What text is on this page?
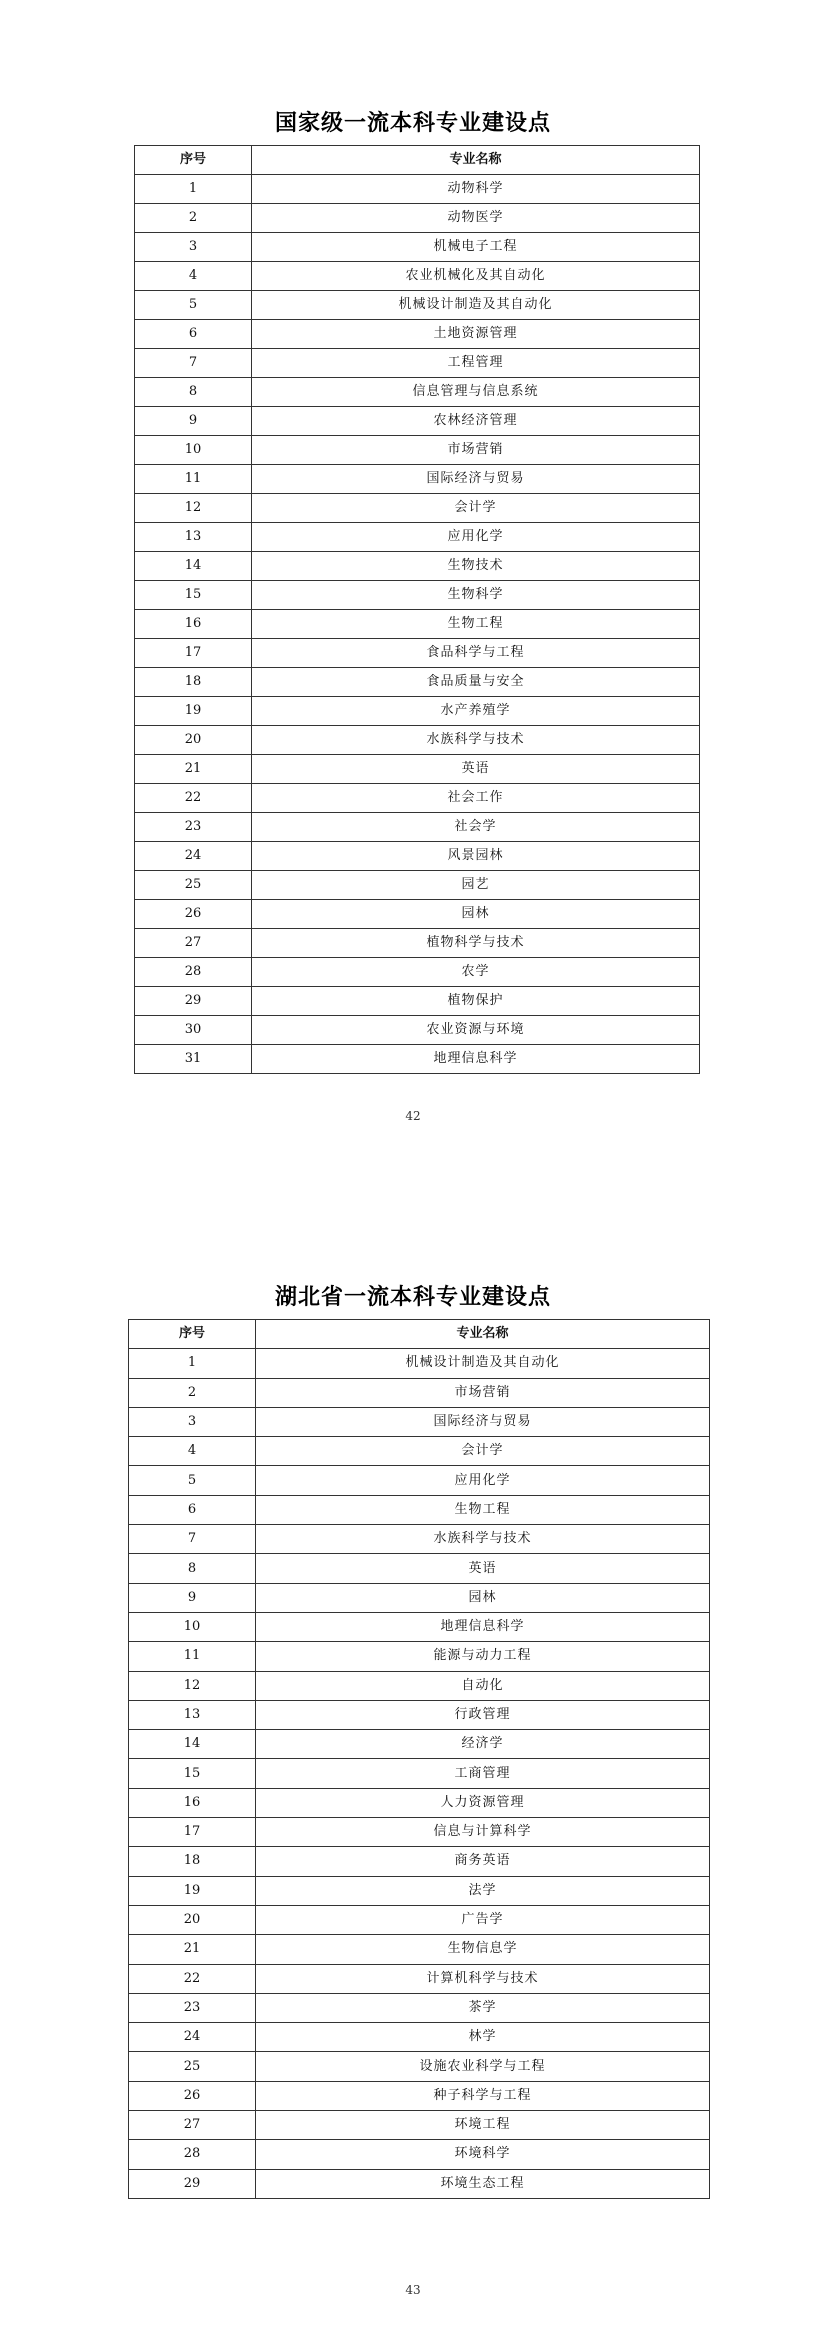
国家级一流本科专业建设点
序号	专业名称
1	动物科学
2	动物医学
3	机械电子工程
4	农业机械化及其自动化
5	机械设计制造及其自动化
6	土地资源管理
7	工程管理
8	信息管理与信息系统
9	农林经济管理
10	市场营销
11	国际经济与贸易
12	会计学
13	应用化学
14	生物技术
15	生物科学
16	生物工程
17	食品科学与工程
18	食品质量与安全
19	水产养殖学
20	水族科学与技术
21	英语
22	社会工作
23	社会学
24	风景园林
25	园艺
26	园林
27	植物科学与技术
28	农学
29	植物保护
30	农业资源与环境
31	地理信息科学
42
湖北省一流本科专业建设点
序号	专业名称
1	机械设计制造及其自动化
2	市场营销
3	国际经济与贸易
4	会计学
5	应用化学
6	生物工程
7	水族科学与技术
8	英语
9	园林
10	地理信息科学
11	能源与动力工程
12	自动化
13	行政管理
14	经济学
15	工商管理
16	人力资源管理
17	信息与计算科学
18	商务英语
19	法学
20	广告学
21	生物信息学
22	计算机科学与技术
23	茶学
24	林学
25	设施农业科学与工程
26	种子科学与工程
27	环境工程
28	环境科学
29	环境生态工程
43
